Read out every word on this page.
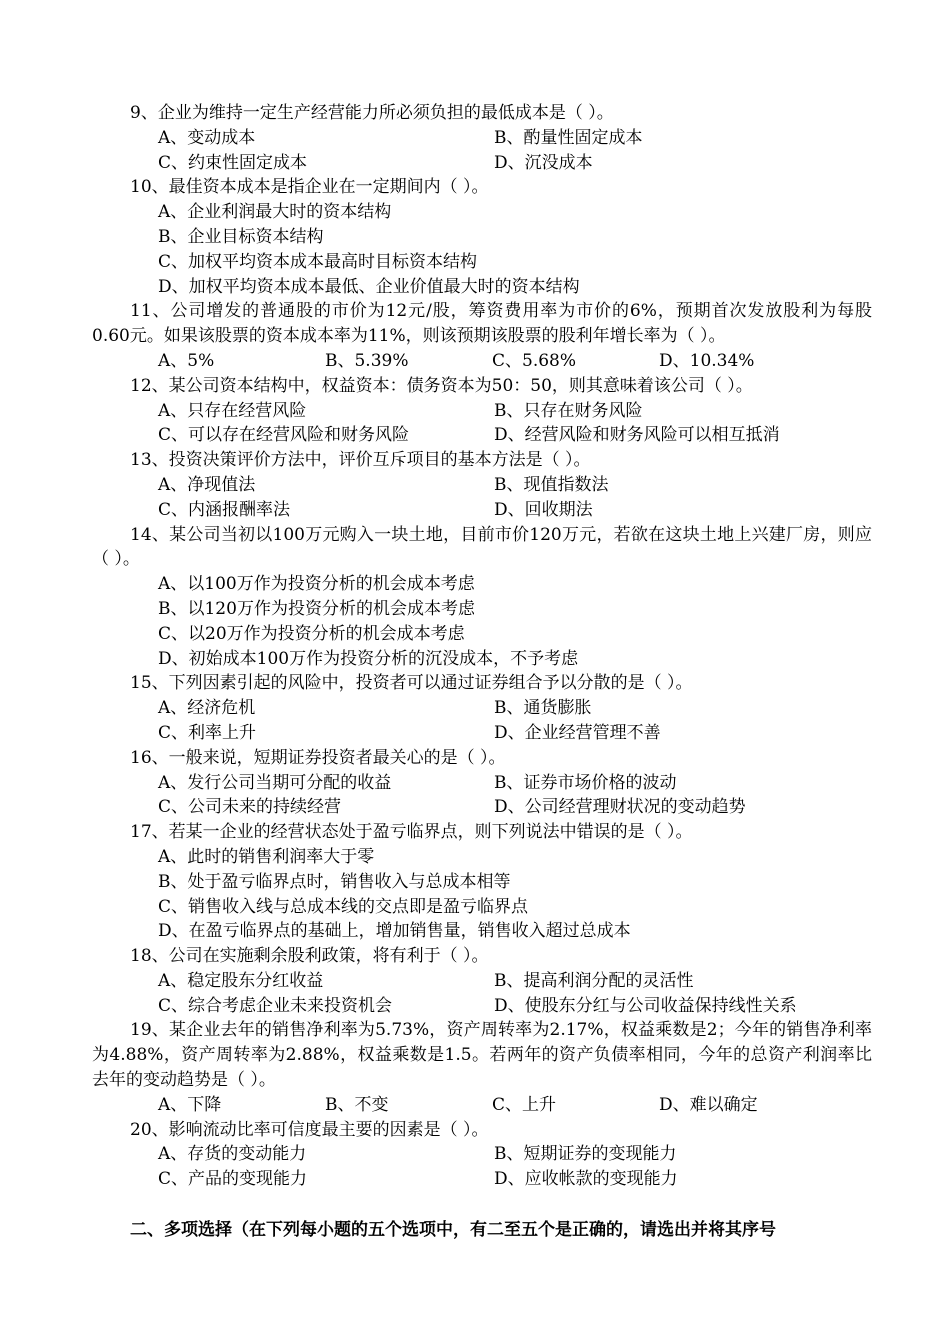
9、企业为维持一定生产经营能力所必须负担的最低成本是（ ）。

A、变动成本	B、酌量性固定成本
C、约束性固定成本	D、沉没成本

10、最佳资本成本是指企业在一定期间内（ ）。

A、企业利润最大时的资本结构
B、企业目标资本结构
C、加权平均资本成本最高时目标资本结构
D、加权平均资本成本最低、企业价值最大时的资本结构

11、公司增发的普通股的市价为12元/股，筹资费用率为市价的6%，预期首次发放股利为每股0.60元。如果该股票的资本成本率为11%，则该预期该股票的股利年增长率为（ ）。

A、5%	B、5.39%	C、5.68%	D、10.34%

12、某公司资本结构中，权益资本：债务资本为50：50，则其意味着该公司（ ）。

A、只存在经营风险	B、只存在财务风险
C、可以存在经营风险和财务风险	D、经营风险和财务风险可以相互抵消

13、投资决策评价方法中，评价互斥项目的基本方法是（ ）。

A、净现值法	B、现值指数法
C、内涵报酬率法	D、回收期法

14、某公司当初以100万元购入一块土地，目前市价120万元，若欲在这块土地上兴建厂房，则应（ ）。

A、以100万作为投资分析的机会成本考虑
B、以120万作为投资分析的机会成本考虑
C、以20万作为投资分析的机会成本考虑
D、初始成本100万作为投资分析的沉没成本，不予考虑

15、下列因素引起的风险中，投资者可以通过证券组合予以分散的是（ ）。

A、经济危机	B、通货膨胀
C、利率上升	D、企业经营管理不善

16、一般来说，短期证券投资者最关心的是（ ）。

A、发行公司当期可分配的收益	B、证券市场价格的波动
C、公司未来的持续经营	D、公司经营理财状况的变动趋势

17、若某一企业的经营状态处于盈亏临界点，则下列说法中错误的是（ ）。

A、此时的销售利润率大于零
B、处于盈亏临界点时，销售收入与总成本相等
C、销售收入线与总成本线的交点即是盈亏临界点
D、在盈亏临界点的基础上，增加销售量，销售收入超过总成本

18、公司在实施剩余股利政策，将有利于（ ）。

A、稳定股东分红收益	B、提高利润分配的灵活性
C、综合考虑企业未来投资机会	D、使股东分红与公司收益保持线性关系

19、某企业去年的销售净利率为5.73%，资产周转率为2.17%，权益乘数是2；今年的销售净利率为4.88%，资产周转率为2.88%，权益乘数是1.5。若两年的资产负债率相同，今年的总资产利润率比去年的变动趋势是（ ）。

A、下降	B、不变	C、上升	D、难以确定

20、影响流动比率可信度最主要的因素是（ ）。

A、存货的变动能力	B、短期证券的变现能力
C、产品的变现能力	D、应收帐款的变现能力
二、多项选择（在下列每小题的五个选项中，有二至五个是正确的，请选出并将其序号
